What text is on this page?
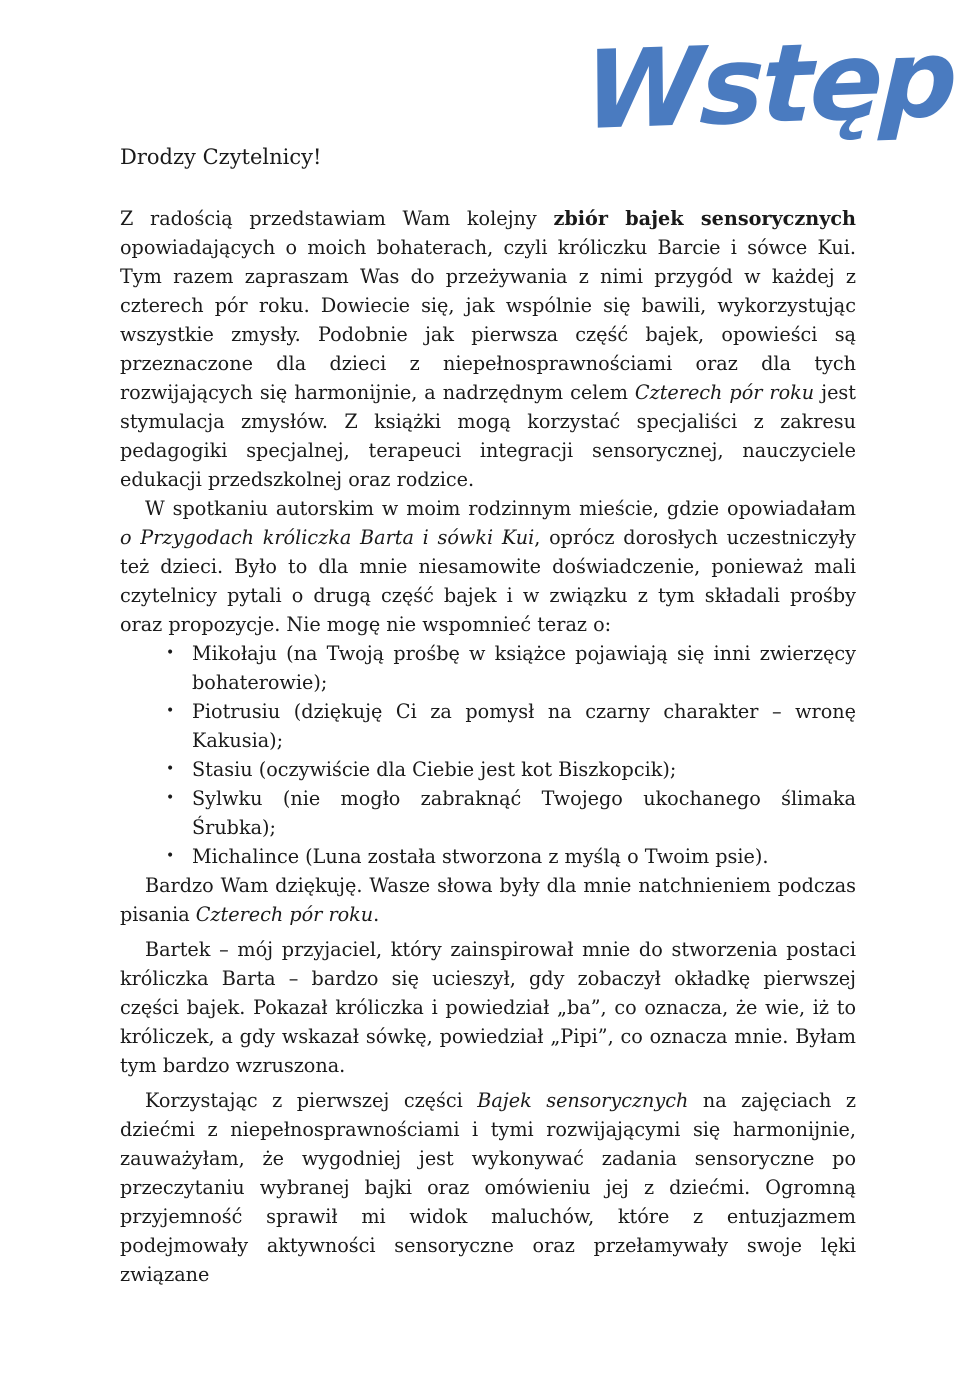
Wstęp

Drodzy Czytelnicy!

Z radością przedstawiam Wam kolejny zbiór bajek sensorycznych opowiadających o moich bohaterach, czyli króliczku Barcie i sówce Kui. Tym razem zapraszam Was do przeżywania z nimi przygód w każdej z czterech pór roku. Dowiecie się, jak wspólnie się bawili, wykorzystując wszystkie zmysły. Podobnie jak pierwsza część bajek, opowieści są przeznaczone dla dzieci z niepełnosprawnościami oraz dla tych rozwijających się harmonijnie, a nadrzędnym celem Czterech pór roku jest stymulacja zmysłów. Z książki mogą korzystać specjaliści z zakresu pedagogiki specjalnej, terapeuci integracji sensorycznej, nauczyciele edukacji przedszkolnej oraz rodzice.

W spotkaniu autorskim w moim rodzinnym mieście, gdzie opowiadałam o Przygodach króliczka Barta i sówki Kui, oprócz dorosłych uczestniczyły też dzieci. Było to dla mnie niesamowite doświadczenie, ponieważ mali czytelnicy pytali o drugą część bajek i w związku z tym składali prośby oraz propozycje. Nie mogę nie wspomnieć teraz o:

• Mikołaju (na Twoją prośbę w książce pojawiają się inni zwierzęcy bohaterowie);
• Piotrusiu (dziękuję Ci za pomysł na czarny charakter – wronę Kakusia);
• Stasiu (oczywiście dla Ciebie jest kot Biszkopcik);
• Sylwku (nie mogło zabraknąć Twojego ukochanego ślimaka Śrubka);
• Michalince (Luna została stworzona z myślą o Twoim psie).

Bardzo Wam dziękuję. Wasze słowa były dla mnie natchnieniem podczas pisania Czterech pór roku.

Bartek – mój przyjaciel, który zainspirował mnie do stworzenia postaci króliczka Barta – bardzo się ucieszył, gdy zobaczył okładkę pierwszej części bajek. Pokazał króliczka i powiedział „ba”, co oznacza, że wie, iż to króliczek, a gdy wskazał sówkę, powiedział „Pipi”, co oznacza mnie. Byłam tym bardzo wzruszona.

Korzystając z pierwszej części Bajek sensorycznych na zajęciach z dziećmi z niepełnosprawnościami i tymi rozwijającymi się harmonijnie, zauważyłam, że wygodniej jest wykonywać zadania sensoryczne po przeczytaniu wybranej bajki oraz omówieniu jej z dziećmi. Ogromną przyjemność sprawił mi widok maluchów, które z entuzjazmem podejmowały aktywności sensoryczne oraz przełamywały swoje lęki związane
